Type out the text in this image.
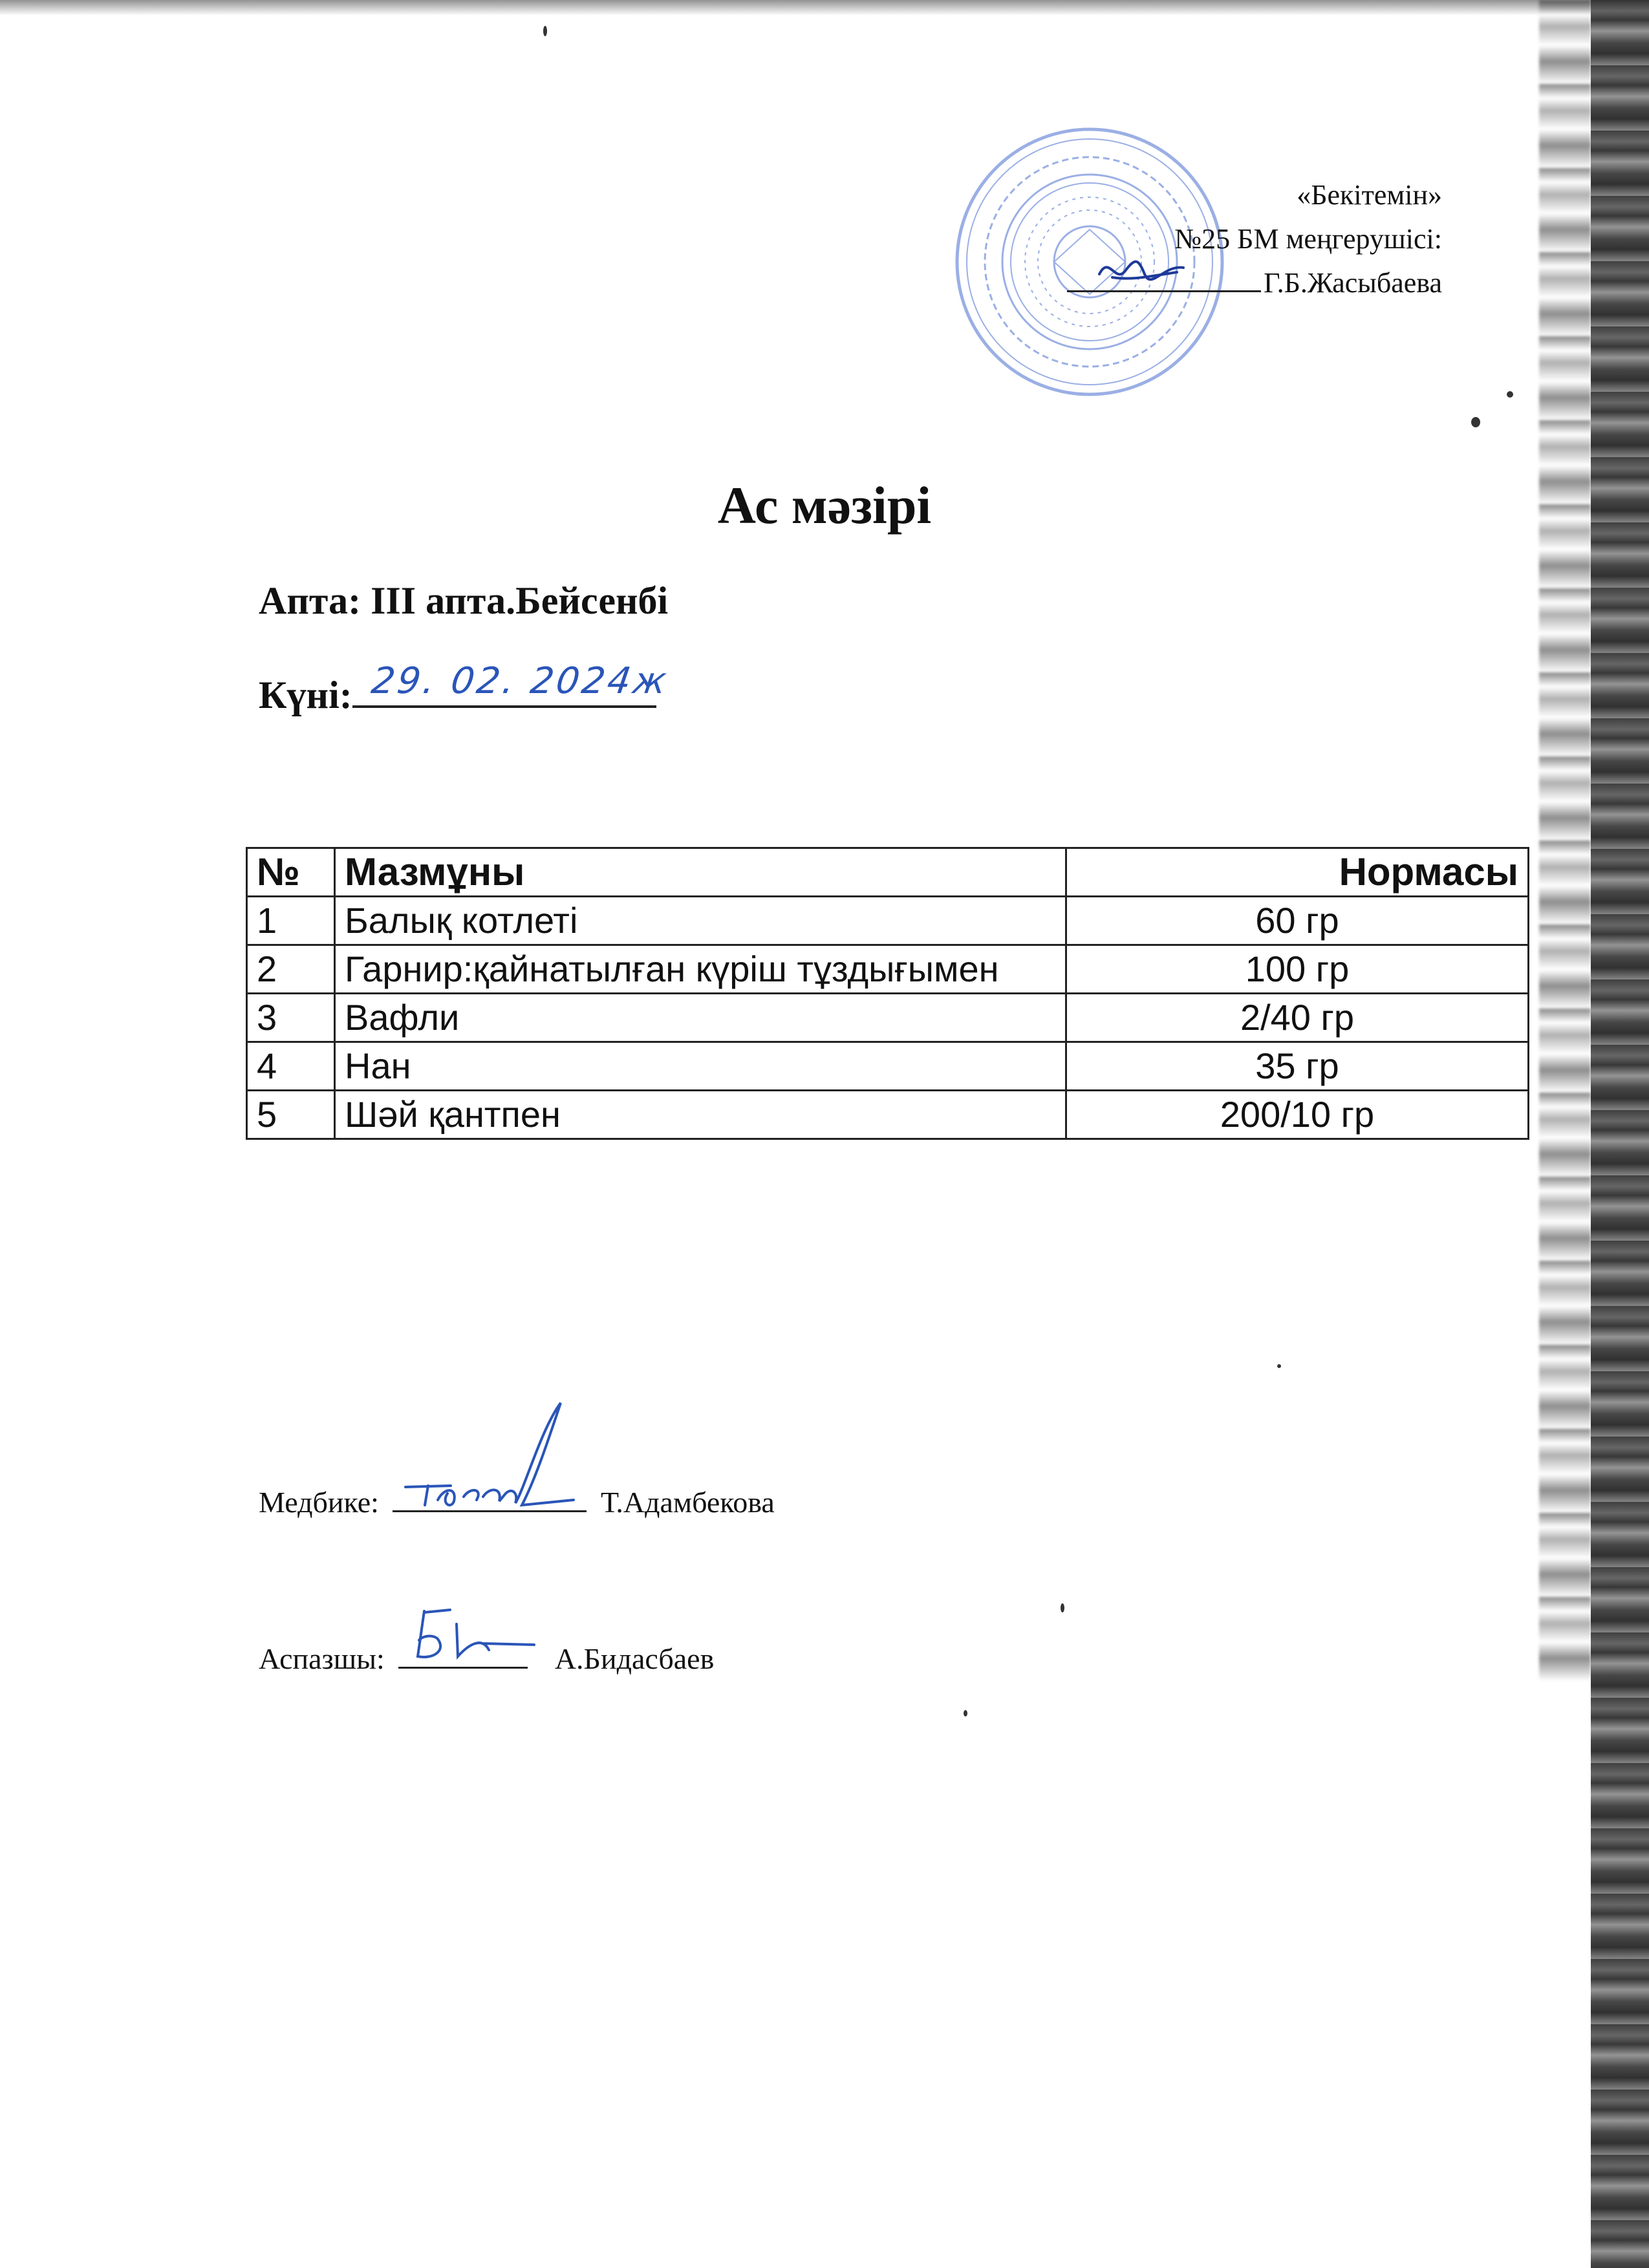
«Бекітемін»
№25 БМ меңгерушісі:
Г.Б.Жасыбаева
Ас мәзірі
Апта: III апта.Бейсенбі
Күні: 29. 02. 2024ж
№	Мазмұны	Нормасы
1	Балық котлеті	60 гр
2	Гарнир:қайнатылған күріш тұздығымен	100 гр
3	Вафли	2/40 гр
4	Нан	35 гр
5	Шәй қантпен	200/10 гр
Медбике:	Т.Адамбекова
Аспазшы:	А.Бидасбаев
